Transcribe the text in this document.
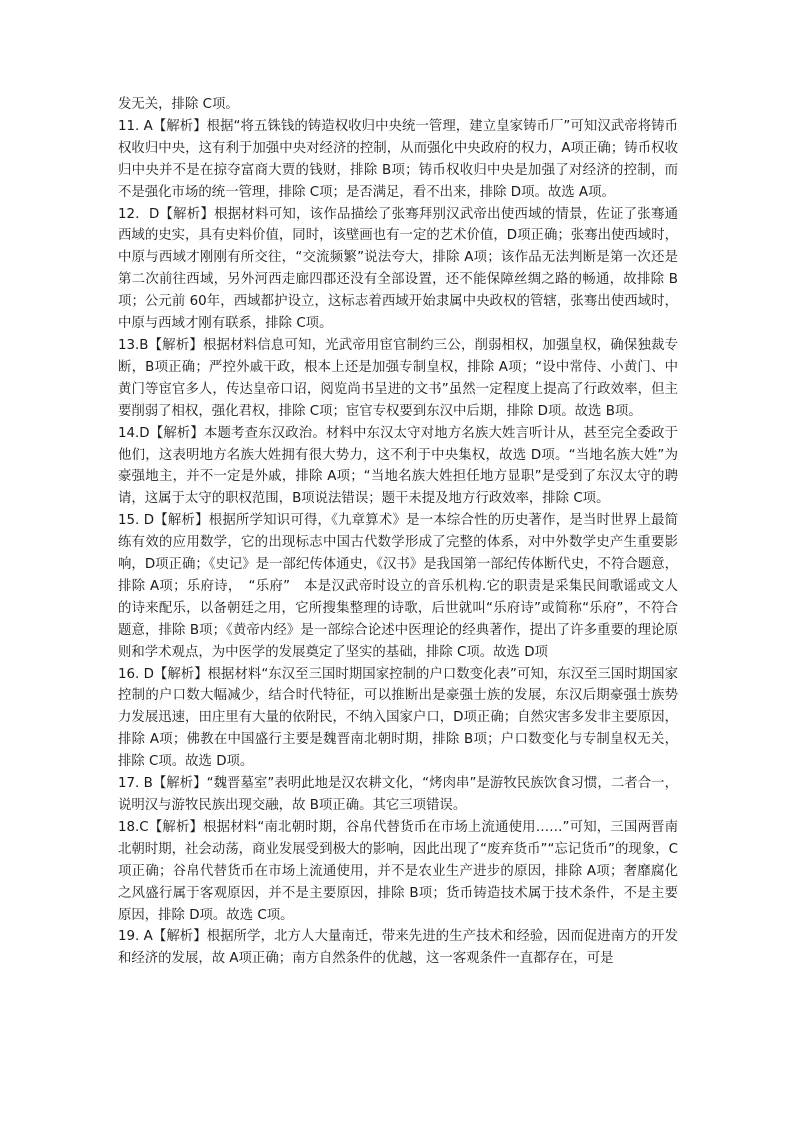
发无关，排除 C项。

11. A【解析】根据“将五铢钱的铸造权收归中央统一管理，建立皇家铸币厂”可知汉武帝将铸币权收归中央，这有利于加强中央对经济的控制，从而强化中央政府的权力，A项正确；铸币权收归中央并不是在掠夺富商大贾的钱财，排除 B项；铸币权收归中央是加强了对经济的控制，而不是强化市场的统一管理，排除 C项；是否满足，看不出来，排除 D项。故选 A项。

12．D【解析】根据材料可知，该作品描绘了张骞拜别汉武帝出使西域的情景，佐证了张骞通西域的史实，具有史料价值，同时，该壁画也有一定的艺术价值，D项正确；张骞出使西域时，中原与西域才刚刚有所交往，“交流频繁”说法夸大，排除 A项；该作品无法判断是第一次还是第二次前往西域，另外河西走廊四郡还没有全部设置，还不能保障丝绸之路的畅通，故排除 B项；公元前 60年，西域都护设立，这标志着西域开始隶属中央政权的管辖，张骞出使西域时，中原与西域才刚有联系，排除 C项。

13.B【解析】根据材料信息可知，光武帝用宦官制约三公，削弱相权，加强皇权，确保独裁专断，B项正确；严控外戚干政，根本上还是加强专制皇权，排除 A项；“设中常侍、小黄门、中黄门等宦官多人，传达皇帝口诏，阅览尚书呈进的文书”虽然一定程度上提高了行政效率，但主要削弱了相权，强化君权，排除 C项；宦官专权要到东汉中后期，排除 D项。故选 B项。

14.D【解析】本题考查东汉政治。材料中东汉太守对地方名族大姓言听计从，甚至完全委政于他们，这表明地方名族大姓拥有很大势力，这不利于中央集权，故选 D项。“当地名族大姓”为豪强地主，并不一定是外戚，排除 A项；“当地名族大姓担任地方显职”是受到了东汉太守的聘请，这属于太守的职权范围，B项说法错误；题干未提及地方行政效率，排除 C项。

15. D【解析】根据所学知识可得，《九章算术》是一本综合性的历史著作，是当时世界上最简练有效的应用数学，它的出现标志中国古代数学形成了完整的体系，对中外数学史产生重要影响，D项正确；《史记》是一部纪传体通史，《汉书》是我国第一部纪传体断代史，不符合题意，排除 A项；乐府诗，　“乐府”　本是汉武帝时设立的音乐机构.它的职责是采集民间歌谣或文人的诗来配乐，以备朝廷之用，它所搜集整理的诗歌，后世就叫“乐府诗”或简称“乐府”，不符合题意，排除 B项；《黄帝内经》是一部综合论述中医理论的经典著作，提出了许多重要的理论原则和学术观点，为中医学的发展奠定了坚实的基础，排除 C项。故选 D项

16. D【解析】根据材料“东汉至三国时期国家控制的户口数变化表”可知，东汉至三国时期国家控制的户口数大幅减少，结合时代特征，可以推断出是豪强士族的发展，东汉后期豪强士族势力发展迅速，田庄里有大量的依附民，不纳入国家户口，D项正确；自然灾害多发非主要原因，排除 A项；佛教在中国盛行主要是魏晋南北朝时期，排除 B项；户口数变化与专制皇权无关，排除 C项。故选 D项。

17. B【解析】“魏晋墓室”表明此地是汉农耕文化，“烤肉串”是游牧民族饮食习惯，二者合一，说明汉与游牧民族出现交融，故 B项正确。其它三项错误。

18.C【解析】根据材料“南北朝时期，谷帛代替货币在市场上流通使用……”可知，三国两晋南北朝时期，社会动荡，商业发展受到极大的影响，因此出现了“废弃货币”“忘记货币”的现象，C项正确；谷帛代替货币在市场上流通使用，并不是农业生产进步的原因，排除 A项；奢靡腐化之风盛行属于客观原因，并不是主要原因，排除 B项；货币铸造技术属于技术条件，不是主要原因，排除 D项。故选 C项。

19. A【解析】根据所学，北方人大量南迁，带来先进的生产技术和经验，因而促进南方的开发和经济的发展，故 A项正确；南方自然条件的优越，这一客观条件一直都存在，可是
